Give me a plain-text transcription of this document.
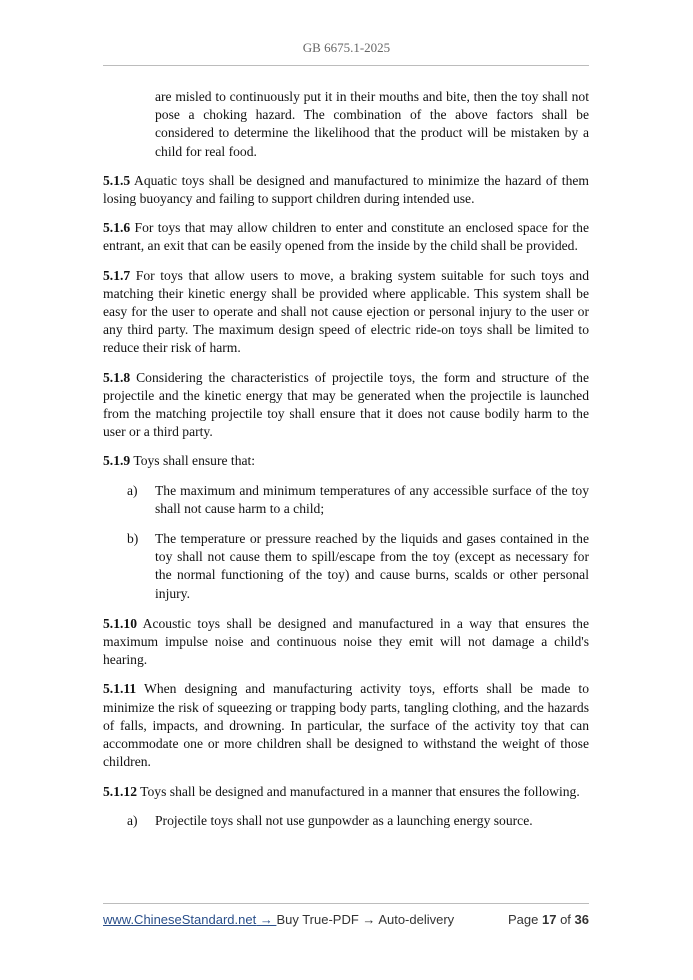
GB 6675.1-2025

are misled to continuously put it in their mouths and bite, then the toy shall not pose a choking hazard. The combination of the above factors shall be considered to determine the likelihood that the product will be mistaken by a child for real food.

5.1.5 Aquatic toys shall be designed and manufactured to minimize the hazard of them losing buoyancy and failing to support children during intended use.

5.1.6 For toys that may allow children to enter and constitute an enclosed space for the entrant, an exit that can be easily opened from the inside by the child shall be provided.

5.1.7 For toys that allow users to move, a braking system suitable for such toys and matching their kinetic energy shall be provided where applicable. This system shall be easy for the user to operate and shall not cause ejection or personal injury to the user or any third party. The maximum design speed of electric ride-on toys shall be limited to reduce their risk of harm.

5.1.8 Considering the characteristics of projectile toys, the form and structure of the projectile and the kinetic energy that may be generated when the projectile is launched from the matching projectile toy shall ensure that it does not cause bodily harm to the user or a third party.

5.1.9 Toys shall ensure that:

a)	The maximum and minimum temperatures of any accessible surface of the toy shall not cause harm to a child;
b)	The temperature or pressure reached by the liquids and gases contained in the toy shall not cause them to spill/escape from the toy (except as necessary for the normal functioning of the toy) and cause burns, scalds or other personal injury.

5.1.10 Acoustic toys shall be designed and manufactured in a way that ensures the maximum impulse noise and continuous noise they emit will not damage a child's hearing.

5.1.11 When designing and manufacturing activity toys, efforts shall be made to minimize the risk of squeezing or trapping body parts, tangling clothing, and the hazards of falls, impacts, and drowning. In particular, the surface of the activity toy that can accommodate one or more children shall be designed to withstand the weight of those children.

5.1.12 Toys shall be designed and manufactured in a manner that ensures the following.

a)	Projectile toys shall not use gunpowder as a launching energy source.
www.ChineseStandard.net → Buy True-PDF → Auto-delivery	Page 17 of 36
